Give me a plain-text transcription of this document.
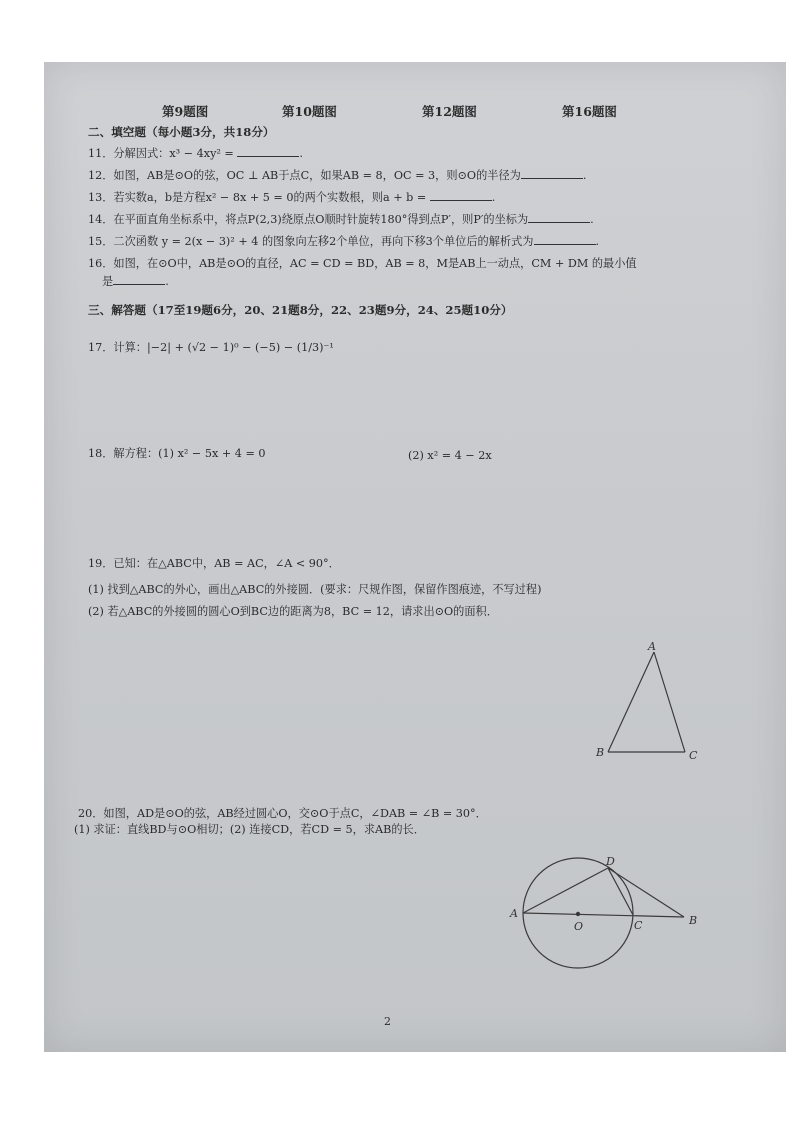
第9题图	第10题图	第12题图	第16题图
二、填空题（每小题3分，共18分）
11．分解因式：x³ − 4xy² =	.
12．如图，AB是⊙O的弦，OC ⊥ AB于点C，如果AB = 8，OC = 3，则⊙O的半径为	.
13．若实数a，b是方程x² − 8x + 5 = 0的两个实数根，则a + b =	.
14．在平面直角坐标系中，将点P(2,3)绕原点O顺时针旋转180°得到点P′，则P′的坐标为	.
15．二次函数 y = 2(x − 3)² + 4 的图象向左移2个单位，再向下移3个单位后的解析式为	.
16．如图，在⊙O中，AB是⊙O的直径，AC = CD = BD，AB = 8，M是AB上一动点，CM + DM 的最小值
是	.
三、解答题（17至19题6分，20、21题8分，22、23题9分，24、25题10分）
17．计算：|−2| + (√2 − 1)⁰ − (−5) − (1/3)⁻¹
18．解方程：(1) x² − 5x + 4 = 0	(2) x² = 4 − 2x
19．已知：在△ABC中，AB = AC，∠A < 90°．
(1) 找到△ABC的外心，画出△ABC的外接圆．(要求：尺规作图，保留作图痕迹，不写过程)
(2) 若△ABC的外接圆的圆心O到BC边的距离为8，BC = 12，请求出⊙O的面积．
A
B	C
20．如图，AD是⊙O的弦，AB经过圆心O，交⊙O于点C，∠DAB = ∠B = 30°．
(1) 求证：直线BD与⊙O相切；(2) 连接CD，若CD = 5，求AB的长．
A
B
C
D
O
2
